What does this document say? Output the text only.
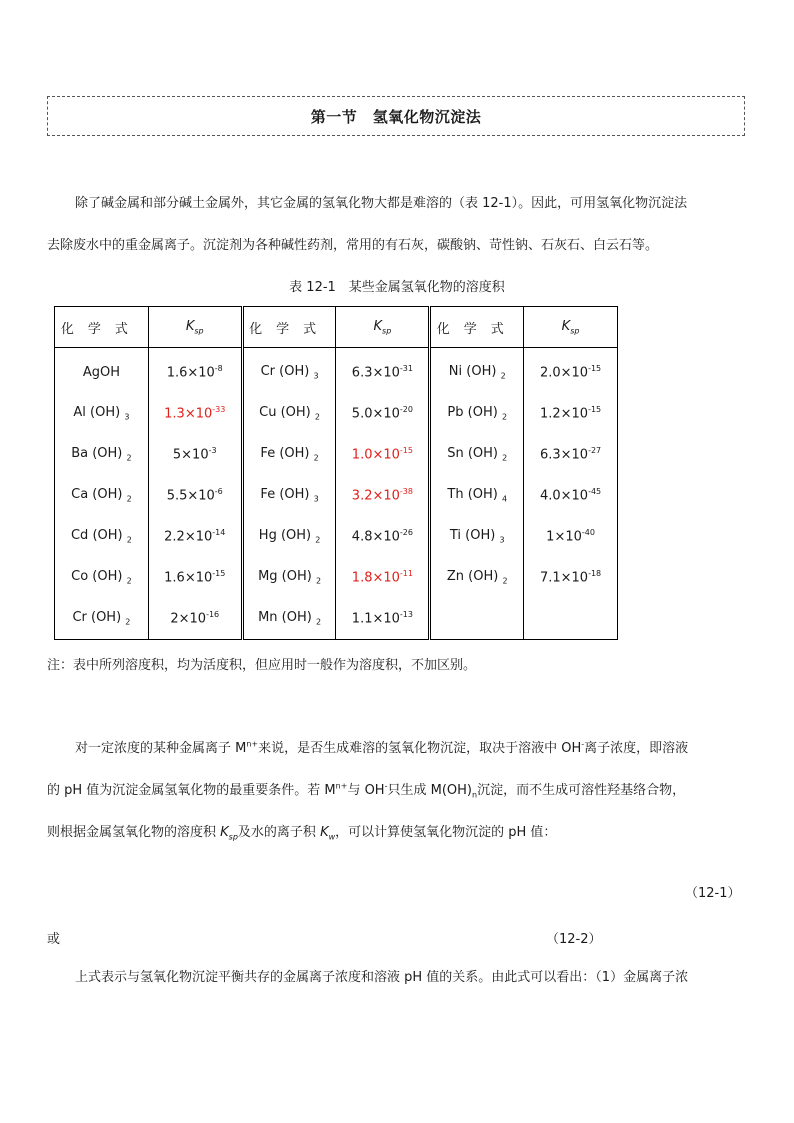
第一节　氢氧化物沉淀法
除了碱金属和部分碱土金属外，其它金属的氢氧化物大都是难溶的（表 12-1）。因此，可用氢氧化物沉淀法
去除废水中的重金属离子。沉淀剂为各种碱性药剂，常用的有石灰，碳酸钠、苛性钠、石灰石、白云石等。
表 12-1　某些金属氢氧化物的溶度积
化学式	$K_{sp}$	化学式	$K_{sp}$	化学式	$K_{sp}$
AgOH	$1.6\times 10^{-8}$	Cr (OH) $_3$	$6.3\times 10^{-31}$	Ni (OH) $_2$	$2.0\times 10^{-15}$
Al (OH) $_3$	$1.3\times 10^{-33}$	Cu (OH) $_2$	$5.0\times 10^{-20}$	Pb (OH) $_2$	$1.2\times 10^{-15}$
Ba (OH) $_2$	$5\times 10^{-3}$	Fe (OH) $_2$	$1.0\times 10^{-15}$	Sn (OH) $_2$	$6.3\times 10^{-27}$
Ca (OH) $_2$	$5.5\times 10^{-6}$	Fe (OH) $_3$	$3.2\times 10^{-38}$	Th (OH) $_4$	$4.0\times 10^{-45}$
Cd (OH) $_2$	$2.2\times 10^{-14}$	Hg (OH) $_2$	$4.8\times 10^{-26}$	Ti (OH) $_3$	$1\times 10^{-40}$
Co (OH) $_2$	$1.6\times 10^{-15}$	Mg (OH) $_2$	$1.8\times 10^{-11}$	Zn (OH) $_2$	$7.1\times 10^{-18}$
Cr (OH) $_2$	$2\times 10^{-16}$	Mn (OH) $_2$	$1.1\times 10^{-13}$		
注：表中所列溶度积，均为活度积，但应用时一般作为溶度积，不加区别。
对一定浓度的某种金属离子 $M^{n+}$来说，是否生成难溶的氢氧化物沉淀，取决于溶液中 OH-离子浓度，即溶液
的 pH 值为沉淀金属氢氧化物的最重要条件。若 $M^{n+}$与 OH-只生成 $M(OH)_n$沉淀，而不生成可溶性羟基络合物，
则根据金属氢氧化物的溶度积 $K_{sp}$及水的离子积 $K_w$，可以计算使氢氧化物沉淀的 pH 值：
（12-1）
或	（12-2）
上式表示与氢氧化物沉淀平衡共存的金属离子浓度和溶液 pH 值的关系。由此式可以看出：（1）金属离子浓
